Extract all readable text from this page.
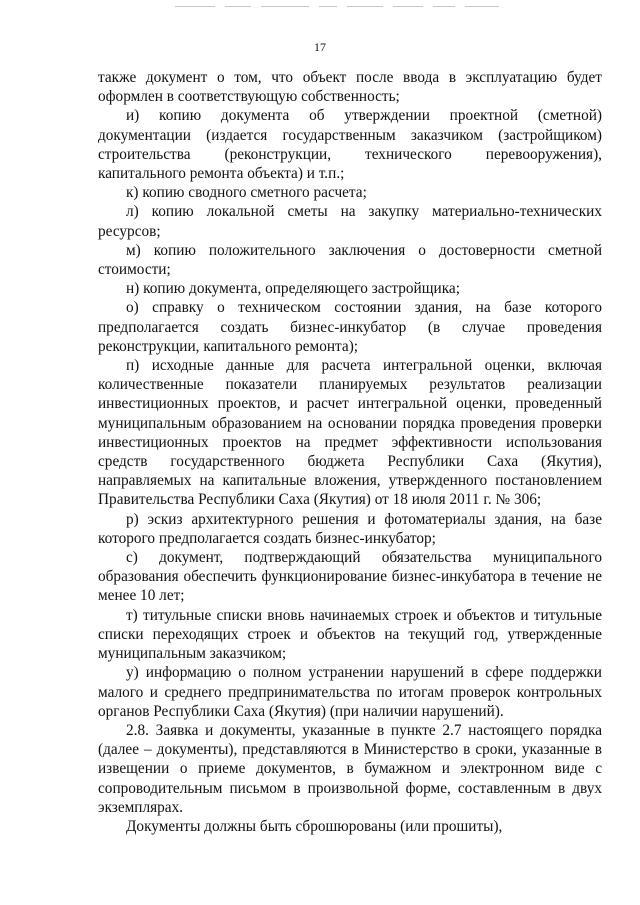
17

также документ о том, что объект после ввода в эксплуатацию будет оформлен в соответствующую собственность;

и) копию документа об утверждении проектной (сметной) документации (издается государственным заказчиком (застройщиком) строительства (реконструкции, технического перевооружения), капитального ремонта объекта) и т.п.;

к) копию сводного сметного расчета;

л) копию локальной сметы на закупку материально-технических ресурсов;

м) копию положительного заключения о достоверности сметной стоимости;

н) копию документа, определяющего застройщика;

о) справку о техническом состоянии здания, на базе которого предполагается создать бизнес-инкубатор (в случае проведения реконструкции, капитального ремонта);

п) исходные данные для расчета интегральной оценки, включая количественные показатели планируемых результатов реализации инвестиционных проектов, и расчет интегральной оценки, проведенный муниципальным образованием на основании порядка проведения проверки инвестиционных проектов на предмет эффективности использования средств государственного бюджета Республики Саха (Якутия), направляемых на капитальные вложения, утвержденного постановлением Правительства Республики Саха (Якутия) от 18 июля 2011 г. № 306;

р) эскиз архитектурного решения и фотоматериалы здания, на базе которого предполагается создать бизнес-инкубатор;

с) документ, подтверждающий обязательства муниципального образования обеспечить функционирование бизнес-инкубатора в течение не менее 10 лет;

т) титульные списки вновь начинаемых строек и объектов и титульные списки переходящих строек и объектов на текущий год, утвержденные муниципальным заказчиком;

у) информацию о полном устранении нарушений в сфере поддержки малого и среднего предпринимательства по итогам проверок контрольных органов Республики Саха (Якутия) (при наличии нарушений).

2.8. Заявка и документы, указанные в пункте 2.7 настоящего порядка (далее – документы), представляются в Министерство в сроки, указанные в извещении о приеме документов, в бумажном и электронном виде с сопроводительным письмом в произвольной форме, составленным в двух экземплярах.

Документы должны быть сброшюрованы (или прошиты),
